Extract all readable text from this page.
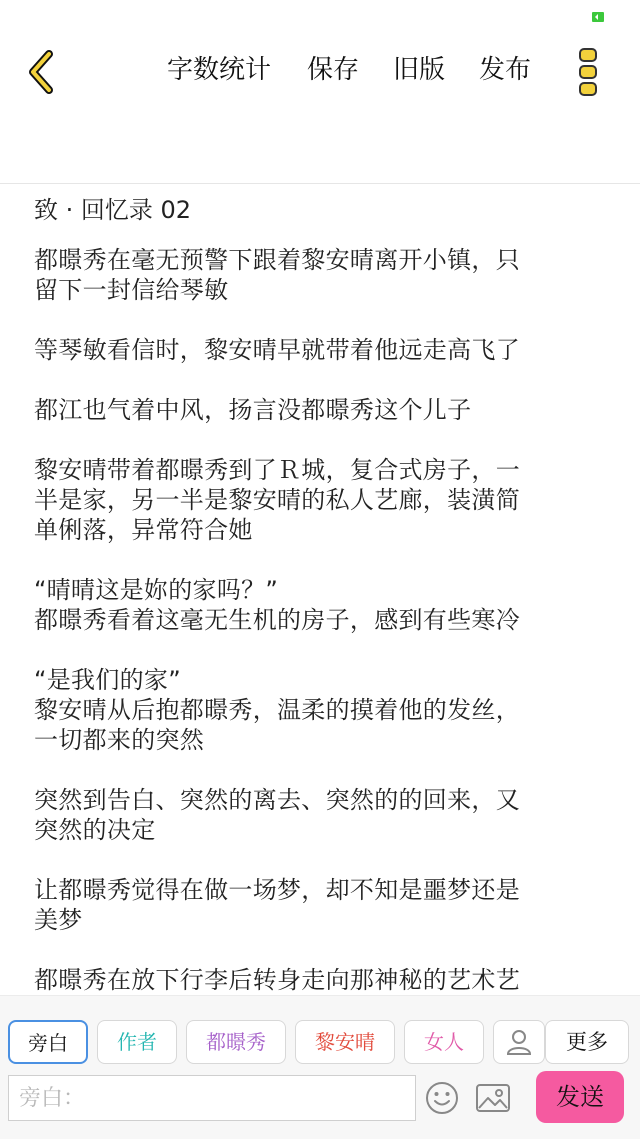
字数统计 保存 旧版 发布
致 · 回忆录 02
都暻秀在毫无预警下跟着黎安晴离开小镇，只
留下一封信给琴敏
等琴敏看信时，黎安晴早就带着他远走高飞了
都江也气着中风，扬言没都暻秀这个儿子
黎安晴带着都暻秀到了Ｒ城，复合式房子，一
半是家，另一半是黎安晴的私人艺廊，装潢简
单俐落，异常符合她
“晴晴这是妳的家吗？”
都暻秀看着这毫无生机的房子，感到有些寒冷
“是我们的家”
黎安晴从后抱都暻秀，温柔的摸着他的发丝，
一切都来的突然
突然到告白、突然的离去、突然的的回来，又
突然的决定
让都暻秀觉得在做一场梦，却不知是噩梦还是
美梦
都暻秀在放下行李后转身走向那神秘的艺术艺
旁白	作者	都暻秀	黎安晴	女人	更多
旁白：
发送
